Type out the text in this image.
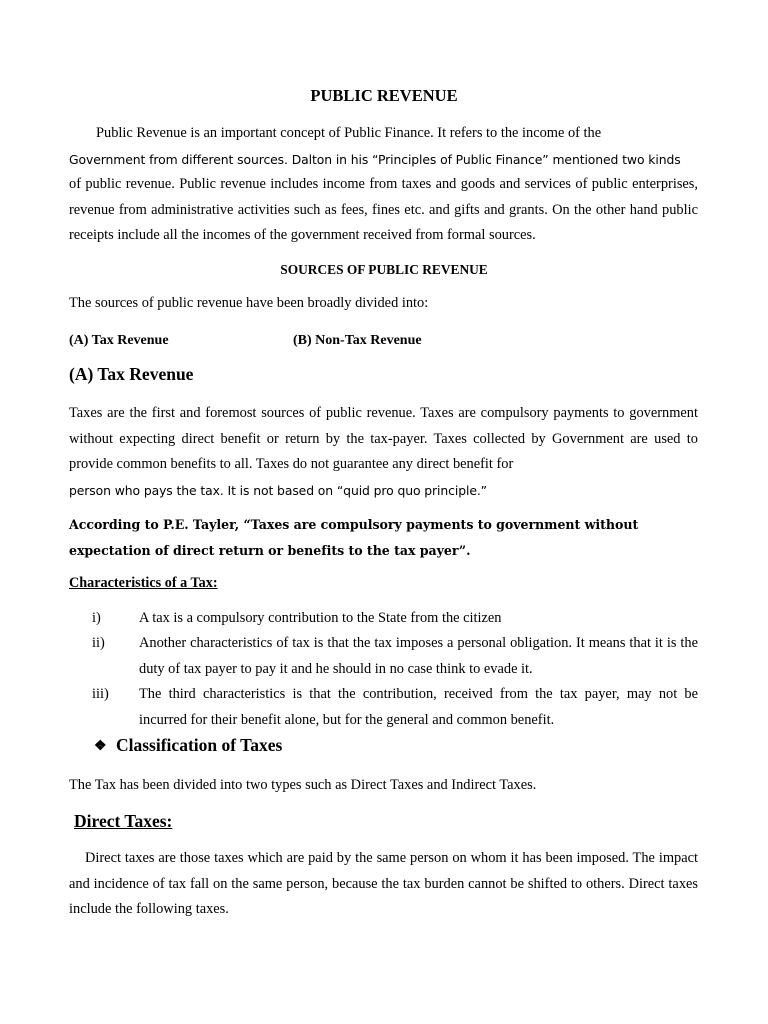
PUBLIC REVENUE
Public Revenue is an important concept of Public Finance. It refers to the income of the
Government from different sources. Dalton in his “Principles of Public Finance” mentioned two kinds
of public revenue. Public revenue includes income from taxes and goods and services of public enterprises, revenue from administrative activities such as fees, fines etc. and gifts and grants. On the other hand public receipts include all the incomes of the government received from formal sources.
SOURCES OF PUBLIC REVENUE

The sources of public revenue have been broadly divided into:

(A) Tax Revenue	(B) Non-Tax Revenue
(A) Tax Revenue
Taxes are the first and foremost sources of public revenue. Taxes are compulsory payments to government without expecting direct benefit or return by the tax-payer. Taxes collected by Government are used to provide common benefits to all. Taxes do not guarantee any direct benefit for
person who pays the tax. It is not based on “quid pro quo principle.”

According to P.E. Tayler, “Taxes are compulsory payments to government without expectation of direct return or benefits to the tax payer”.

Characteristics of a Tax:
i)	A tax is a compulsory contribution to the State from the citizen
ii) Another characteristics of tax is that the tax imposes a personal obligation. It means that it is the duty of tax payer to pay it and he should in no case think to evade it.
iii) The third characteristics is that the contribution, received from the tax payer, may not be incurred for their benefit alone, but for the general and common benefit.
❖ Classification of Taxes

The Tax has been divided into two types such as Direct Taxes and Indirect Taxes.

Direct Taxes:

Direct taxes are those taxes which are paid by the same person on whom it has been imposed. The impact and incidence of tax fall on the same person, because the tax burden cannot be shifted to others. Direct taxes include the following taxes.
